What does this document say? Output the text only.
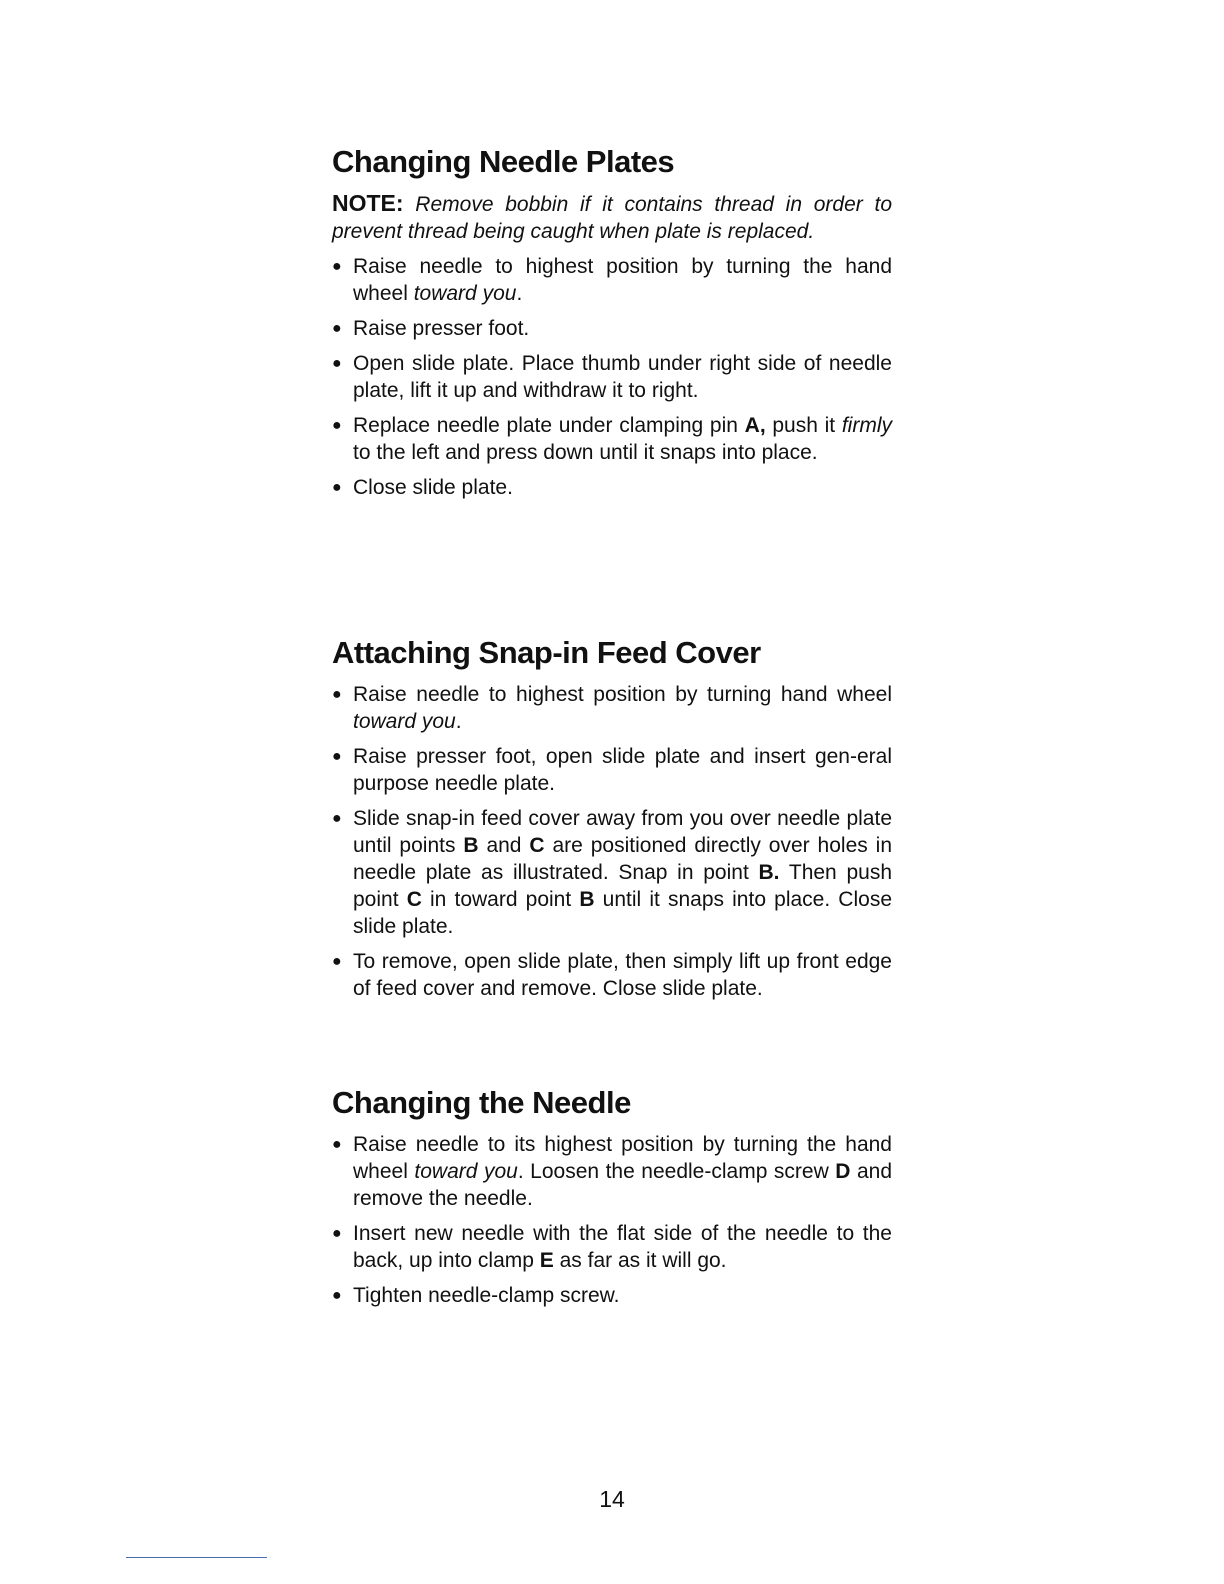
Changing Needle Plates

NOTE: Remove bobbin if it contains thread in order to prevent thread being caught when plate is replaced.

● Raise needle to highest position by turning the hand wheel toward you.
● Raise presser foot.
● Open slide plate. Place thumb under right side of needle plate, lift it up and withdraw it to right.
● Replace needle plate under clamping pin A, push it firmly to the left and press down until it snaps into place.
● Close slide plate.
Attaching Snap-in Feed Cover
● Raise needle to highest position by turning hand wheel toward you.
● Raise presser foot, open slide plate and insert gen-eral purpose needle plate.
● Slide snap-in feed cover away from you over needle plate until points B and C are positioned directly over holes in needle plate as illustrated. Snap in point B. Then push point C in toward point B until it snaps into place. Close slide plate.
● To remove, open slide plate, then simply lift up front edge of feed cover and remove. Close slide plate.
Changing the Needle
● Raise needle to its highest position by turning the hand wheel toward you. Loosen the needle-clamp screw D and remove the needle.
● Insert new needle with the flat side of the needle to the back, up into clamp E as far as it will go.
● Tighten needle-clamp screw.
14
